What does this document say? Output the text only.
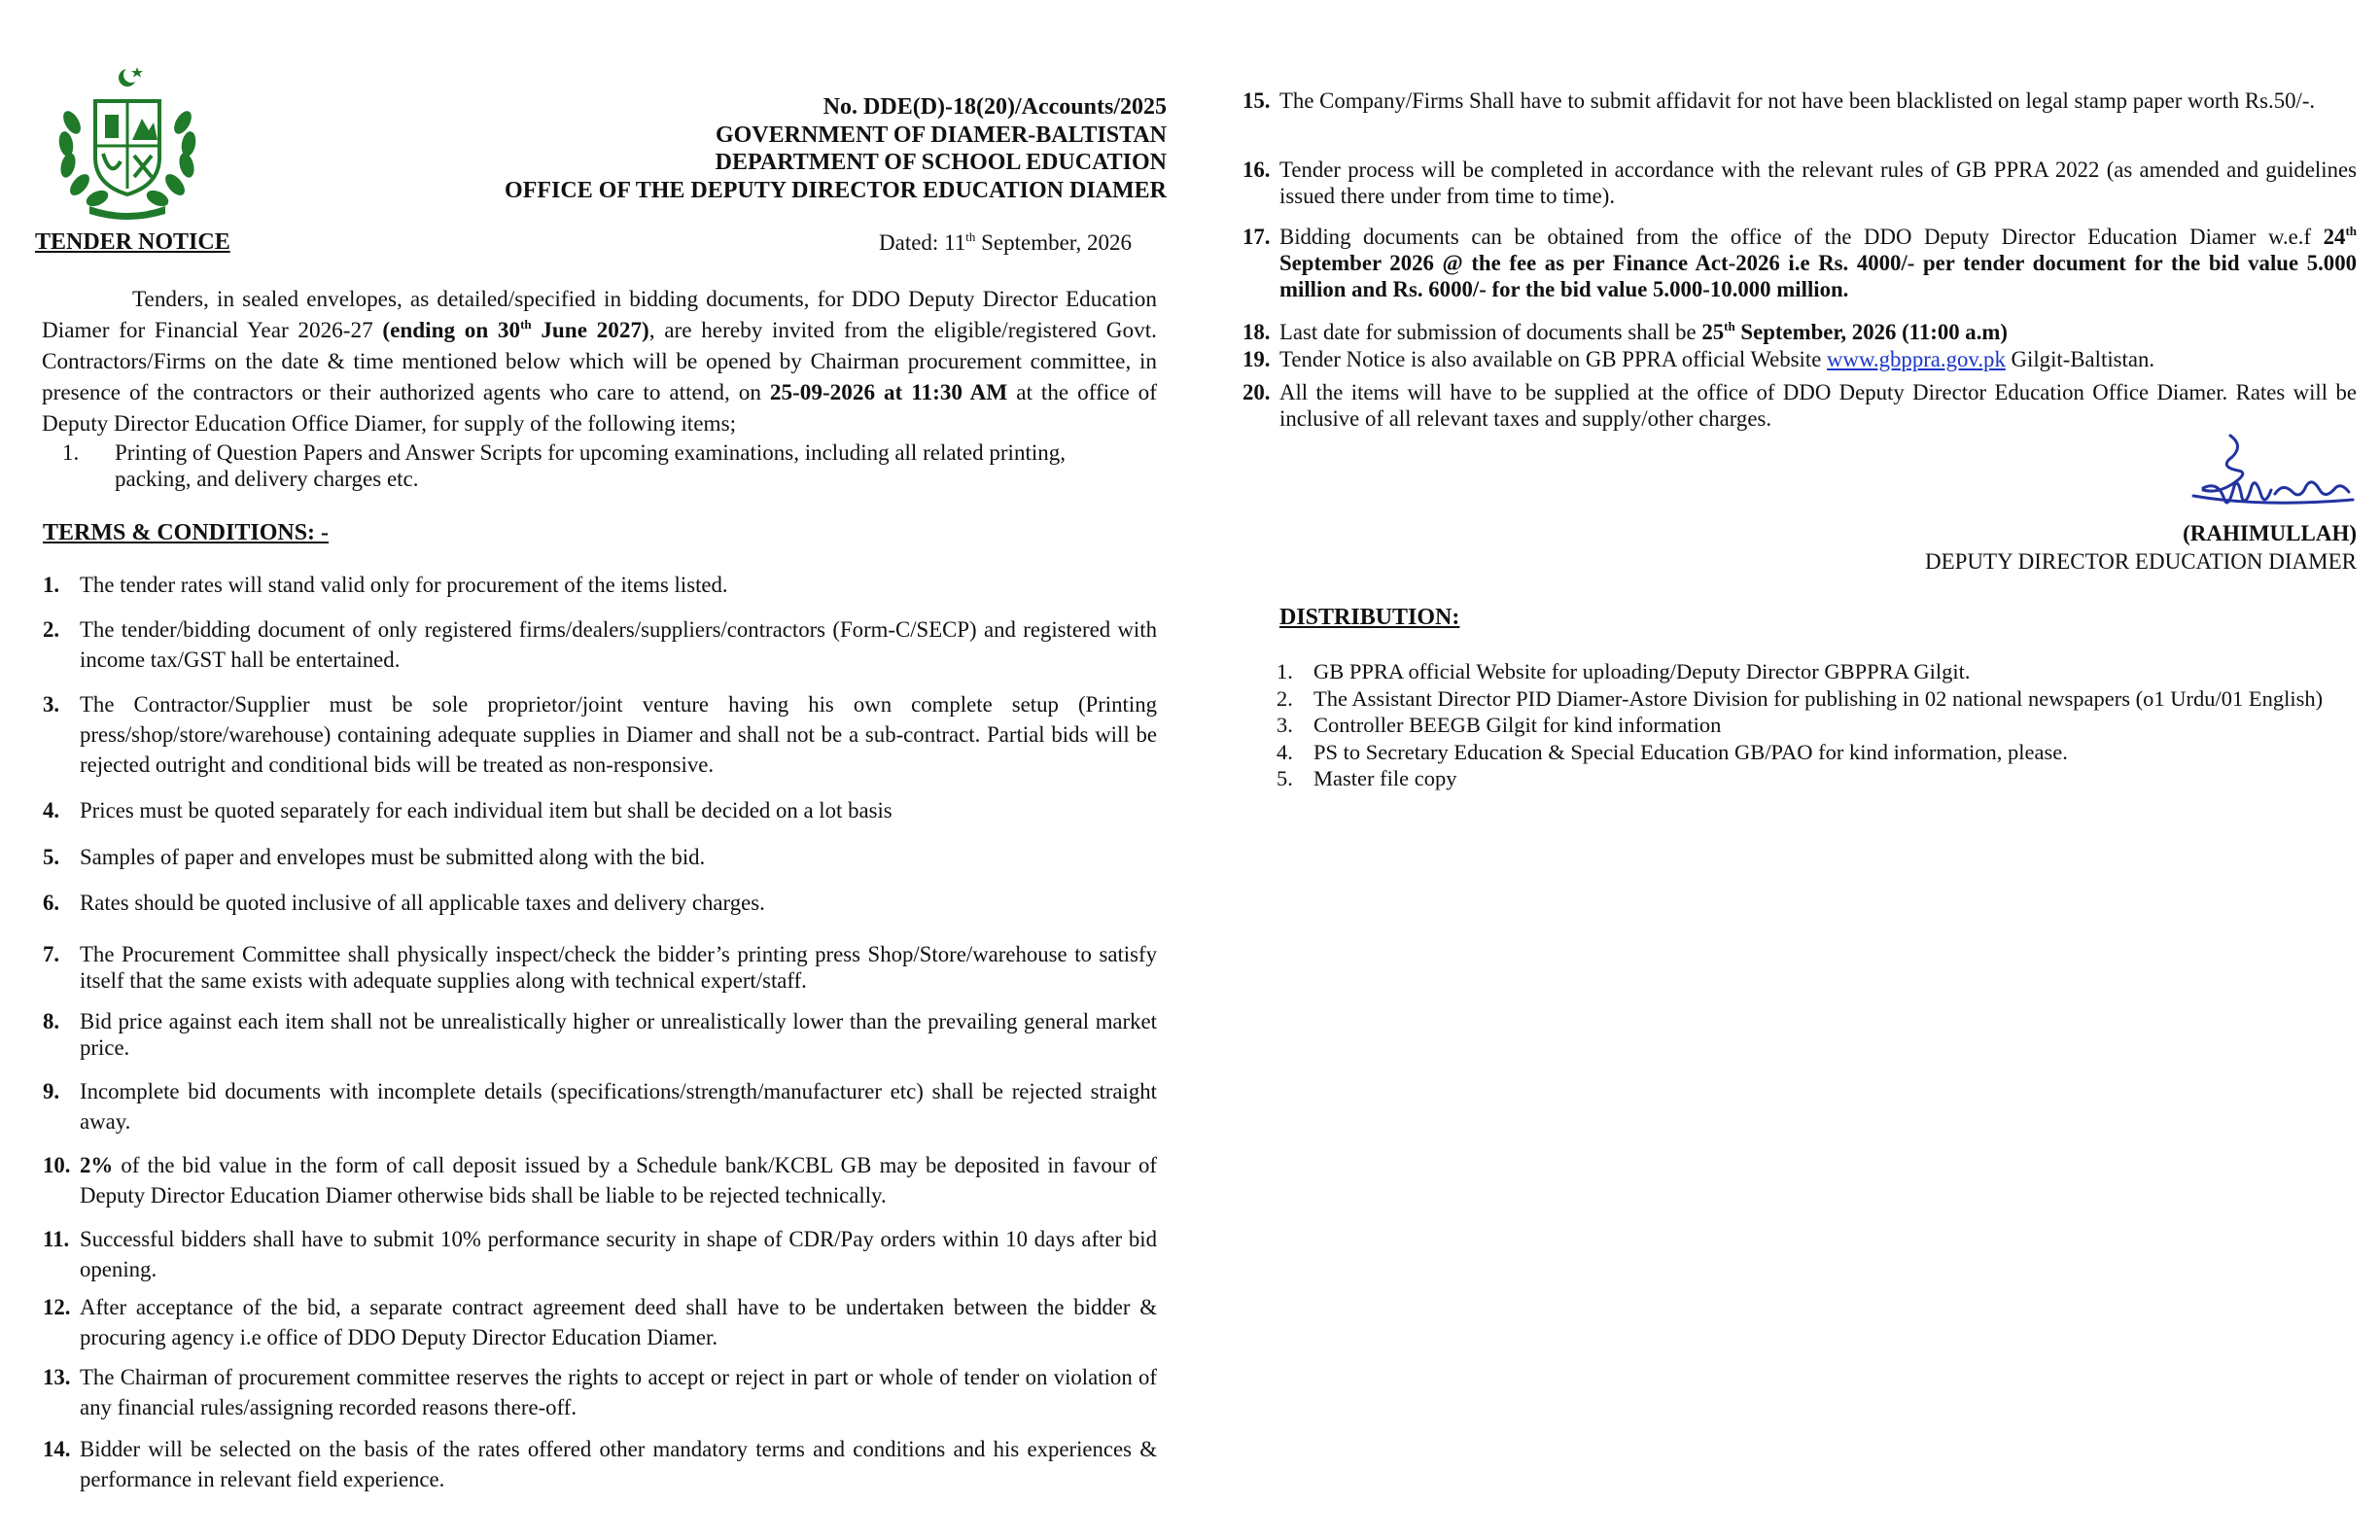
No. DDE(D)-18(20)/Accounts/2025
GOVERNMENT OF DIAMER-BALTISTAN
DEPARTMENT OF SCHOOL EDUCATION
OFFICE OF THE DEPUTY DIRECTOR EDUCATION DIAMER
TENDER NOTICE	Dated: 11th September, 2026
Tenders, in sealed envelopes, as detailed/specified in bidding documents, for DDO Deputy Director Education Diamer for Financial Year 2026-27 (ending on 30th June 2027), are hereby invited from the eligible/registered Govt. Contractors/Firms on the date & time mentioned below which will be opened by Chairman procurement committee, in presence of the contractors or their authorized agents who care to attend, on 25-09-2026 at 11:30 AM at the office of Deputy Director Education Office Diamer, for supply of the following items;
1. Printing of Question Papers and Answer Scripts for upcoming examinations, including all related printing, packing, and delivery charges etc.
TERMS & CONDITIONS: -
1. The tender rates will stand valid only for procurement of the items listed.
2. The tender/bidding document of only registered firms/dealers/suppliers/contractors (Form-C/SECP) and registered with income tax/GST hall be entertained.
3. The Contractor/Supplier must be sole proprietor/joint venture having his own complete setup (Printing press/shop/store/warehouse) containing adequate supplies in Diamer and shall not be a sub-contract. Partial bids will be rejected outright and conditional bids will be treated as non-responsive.
4. Prices must be quoted separately for each individual item but shall be decided on a lot basis
5. Samples of paper and envelopes must be submitted along with the bid.
6. Rates should be quoted inclusive of all applicable taxes and delivery charges.
7. The Procurement Committee shall physically inspect/check the bidder’s printing press Shop/Store/warehouse to satisfy itself that the same exists with adequate supplies along with technical expert/staff.
8. Bid price against each item shall not be unrealistically higher or unrealistically lower than the prevailing general market price.
9. Incomplete bid documents with incomplete details (specifications/strength/manufacturer etc) shall be rejected straight away.
10. 2% of the bid value in the form of call deposit issued by a Schedule bank/KCBL GB may be deposited in favour of Deputy Director Education Diamer otherwise bids shall be liable to be rejected technically.
11. Successful bidders shall have to submit 10% performance security in shape of CDR/Pay orders within 10 days after bid opening.
12. After acceptance of the bid, a separate contract agreement deed shall have to be undertaken between the bidder & procuring agency i.e office of DDO Deputy Director Education Diamer.
13. The Chairman of procurement committee reserves the rights to accept or reject in part or whole of tender on violation of any financial rules/assigning recorded reasons there-off.
14. Bidder will be selected on the basis of the rates offered other mandatory terms and conditions and his experiences & performance in relevant field experience.
15. The Company/Firms Shall have to submit affidavit for not have been blacklisted on legal stamp paper worth Rs.50/-.
16. Tender process will be completed in accordance with the relevant rules of GB PPRA 2022 (as amended and guidelines issued there under from time to time).
17. Bidding documents can be obtained from the office of the DDO Deputy Director Education Diamer w.e.f 24th September 2026 @ the fee as per Finance Act-2026 i.e Rs. 4000/- per tender document for the bid value 5.000 million and Rs. 6000/- for the bid value 5.000-10.000 million.
18. Last date for submission of documents shall be 25th September, 2026 (11:00 a.m)
19. Tender Notice is also available on GB PPRA official Website www.gbppra.gov.pk Gilgit-Baltistan.
20. All the items will have to be supplied at the office of DDO Deputy Director Education Office Diamer. Rates will be inclusive of all relevant taxes and supply/other charges.
(RAHIMULLAH)
DEPUTY DIRECTOR EDUCATION DIAMER
DISTRIBUTION:
1. GB PPRA official Website for uploading/Deputy Director GBPPRA Gilgit.
2. The Assistant Director PID Diamer-Astore Division for publishing in 02 national newspapers (o1 Urdu/01 English)
3. Controller BEEGB Gilgit for kind information
4. PS to Secretary Education & Special Education GB/PAO for kind information, please.
5. Master file copy
